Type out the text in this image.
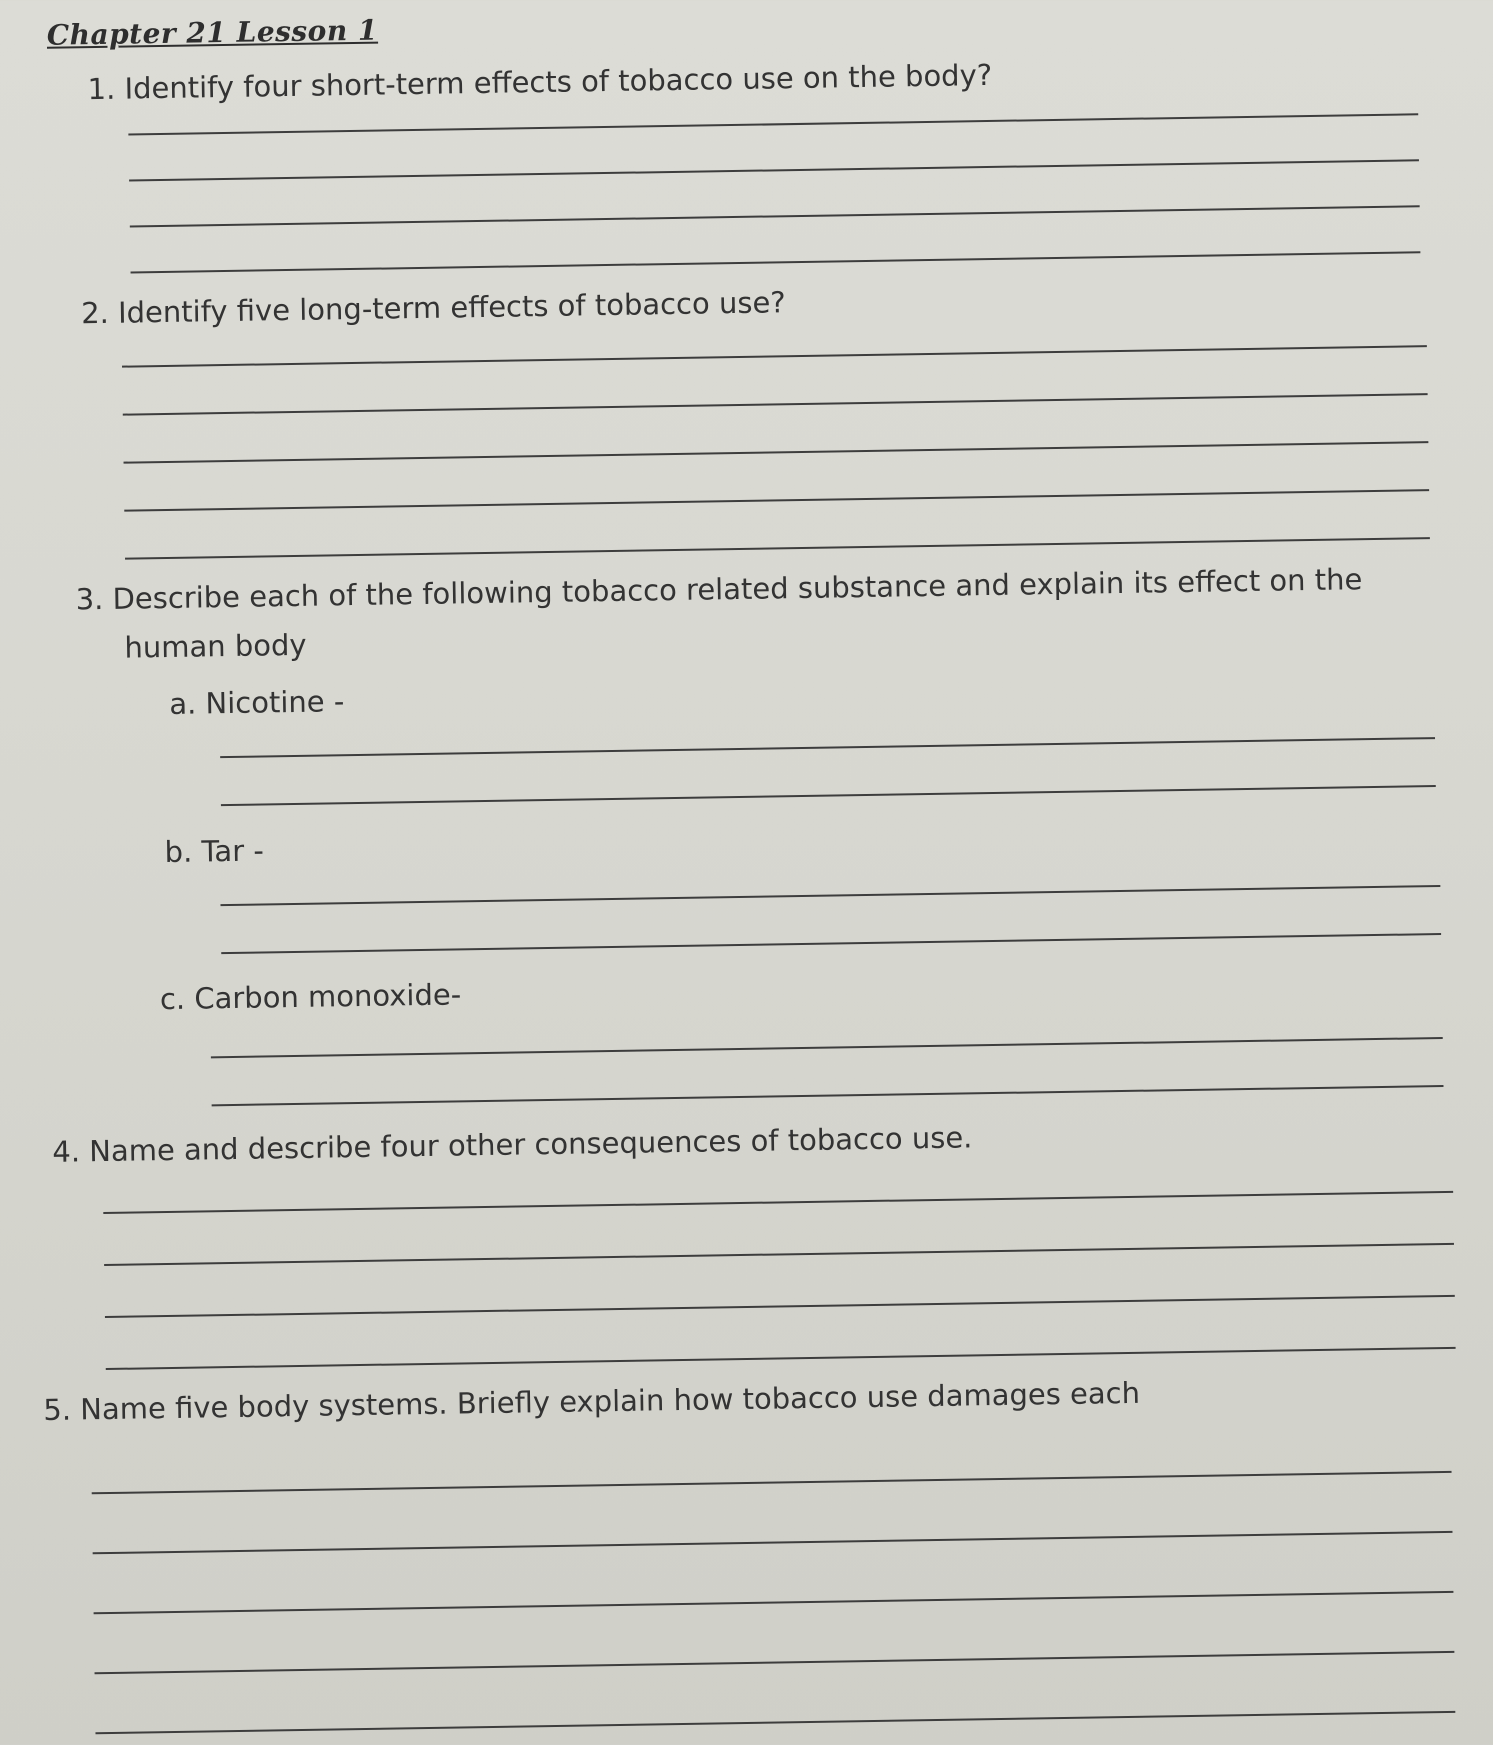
Chapter 21 Lesson 1
1. Identify four short-term effects of tobacco use on the body?
2. Identify five long-term effects of tobacco use?
3. Describe each of the following tobacco related substance and explain its effect on the
human body
a. Nicotine -
b. Tar -
c. Carbon monoxide-
4. Name and describe four other consequences of tobacco use.
5. Name five body systems. Briefly explain how tobacco use damages each
